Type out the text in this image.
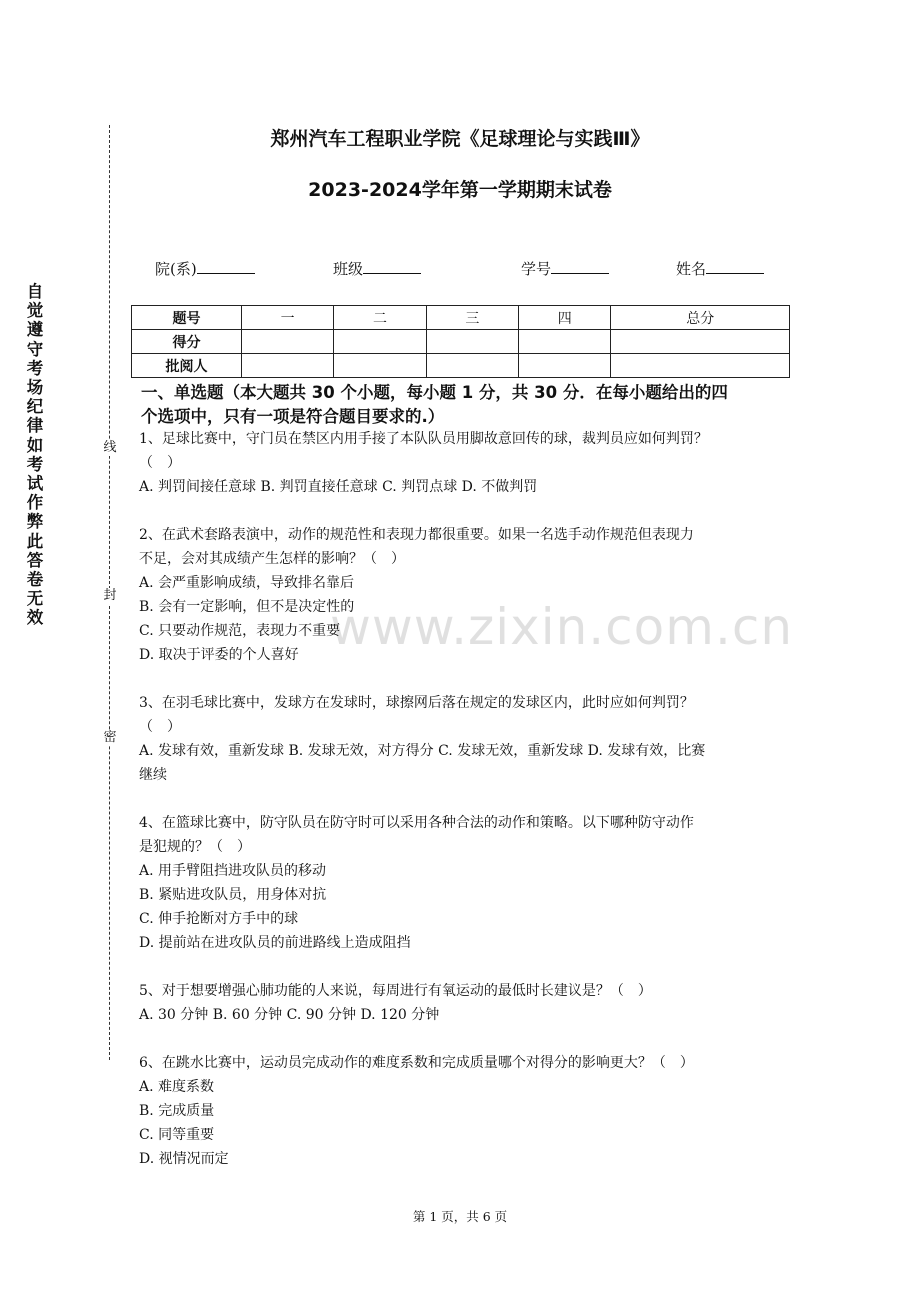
自觉遵守考场纪律如考试作弊此答卷无效
线
封
密
郑州汽车工程职业学院《足球理论与实践Ⅲ》
2023-2024学年第一学期期末试卷
院(系)	班级	学号	姓名
题号	一	二	三	四	总分
得分					
批阅人					
一、单选题（本大题共 30 个小题，每小题 1 分，共 30 分．在每小题给出的四
个选项中，只有一项是符合题目要求的.）
www.zixin.com.cn

1、足球比赛中，守门员在禁区内用手接了本队队员用脚故意回传的球，裁判员应如何判罚？

（　）

A. 判罚间接任意球 B. 判罚直接任意球 C. 判罚点球 D. 不做判罚

2、在武术套路表演中，动作的规范性和表现力都很重要。如果一名选手动作规范但表现力

不足，会对其成绩产生怎样的影响？（　）

A. 会严重影响成绩，导致排名靠后

B. 会有一定影响，但不是决定性的

C. 只要动作规范，表现力不重要

D. 取决于评委的个人喜好

3、在羽毛球比赛中，发球方在发球时，球擦网后落在规定的发球区内，此时应如何判罚？

（　）

A. 发球有效，重新发球 B. 发球无效，对方得分 C. 发球无效，重新发球 D. 发球有效，比赛

继续

4、在篮球比赛中，防守队员在防守时可以采用各种合法的动作和策略。以下哪种防守动作

是犯规的？（　）

A. 用手臂阻挡进攻队员的移动

B. 紧贴进攻队员，用身体对抗

C. 伸手抢断对方手中的球

D. 提前站在进攻队员的前进路线上造成阻挡

5、对于想要增强心肺功能的人来说，每周进行有氧运动的最低时长建议是？（　）

A. 30 分钟 B. 60 分钟 C. 90 分钟 D. 120 分钟

6、在跳水比赛中，运动员完成动作的难度系数和完成质量哪个对得分的影响更大？（　）

A. 难度系数

B. 完成质量

C. 同等重要

D. 视情况而定

第 1 页，共 6 页
